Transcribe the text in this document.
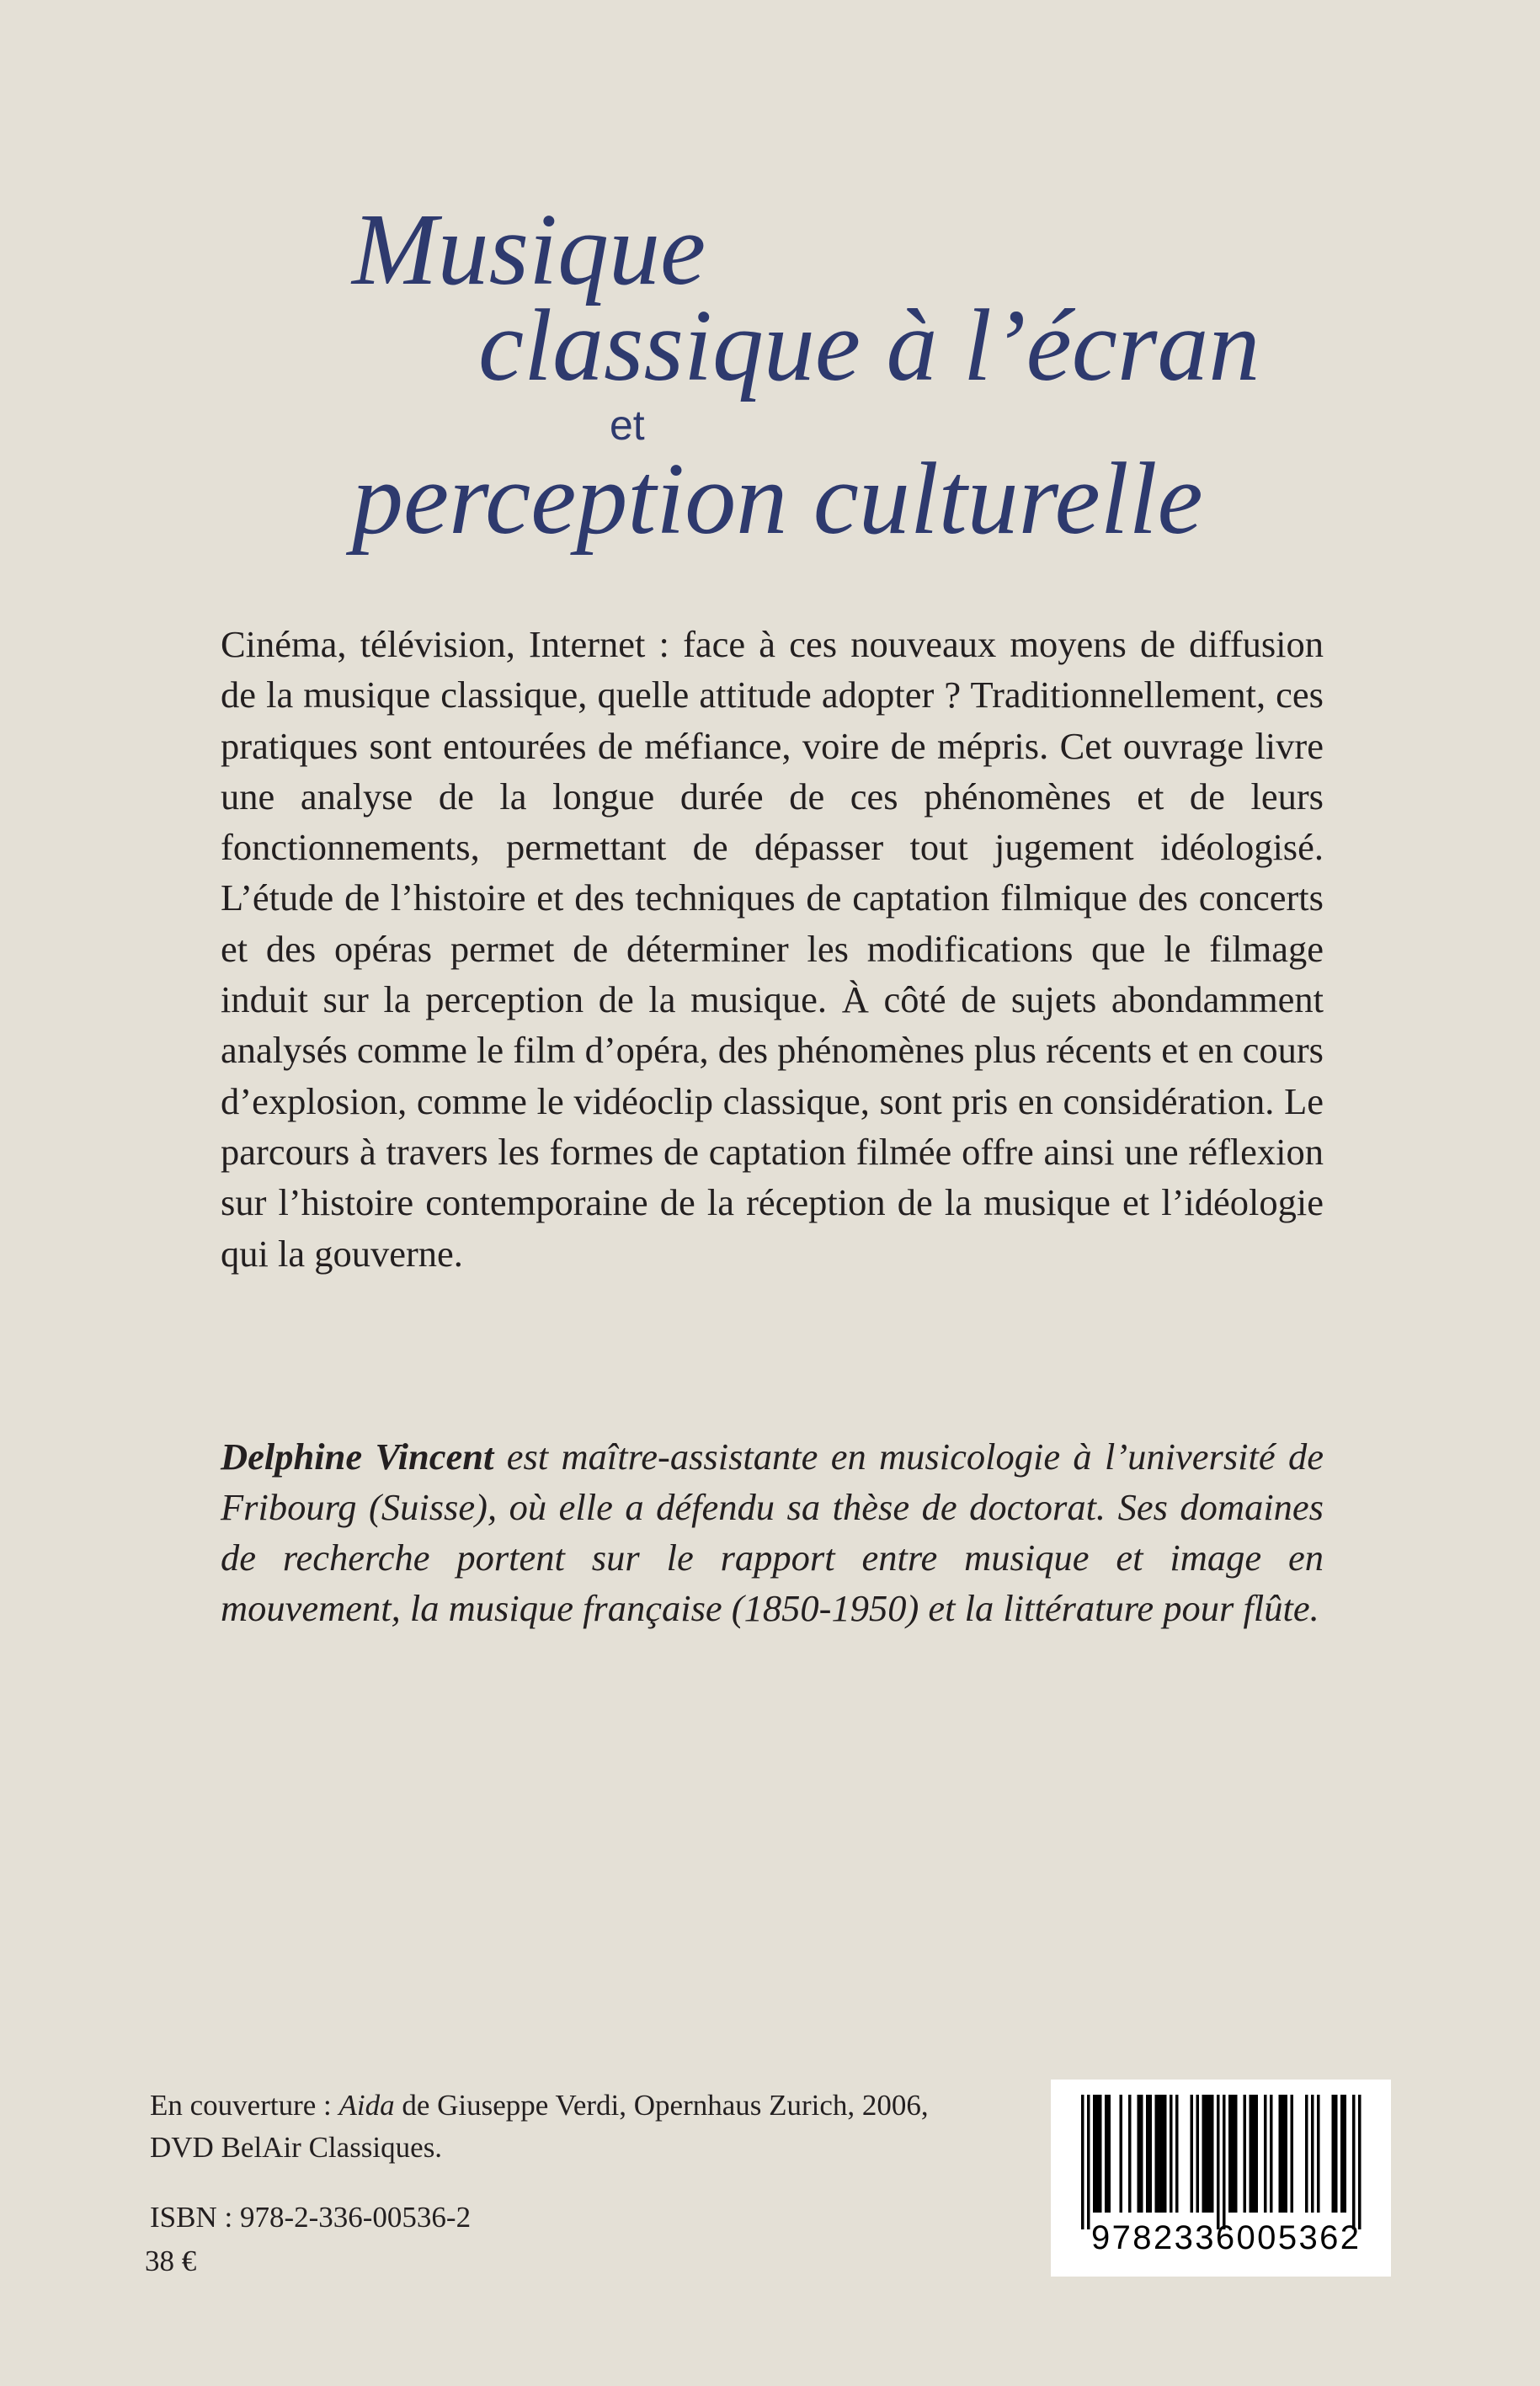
Musique
classique à l’écran
et
perception culturelle
Cinéma, télévision, Internet : face à ces nouveaux moyens de diffusion de la musique classique, quelle attitude adopter ? Traditionnellement, ces pratiques sont entourées de méfiance, voire de mépris. Cet ouvrage livre une analyse de la longue durée de ces phénomènes et de leurs fonctionnements, permettant de dépasser tout jugement idéologisé. L’étude de l’histoire et des techniques de captation filmique des concerts et des opéras permet de déterminer les modifications que le filmage induit sur la perception de la musique. À côté de sujets abondamment analysés comme le film d’opéra, des phénomènes plus récents et en cours d’explosion, comme le vidéoclip classique, sont pris en considération. Le parcours à travers les formes de captation filmée offre ainsi une réflexion sur l’histoire contemporaine de la réception de la musique et l’idéologie qui la gouverne.
Delphine Vincent est maître-assistante en musicologie à l’université de Fribourg (Suisse), où elle a défendu sa thèse de doctorat. Ses domaines de recherche portent sur le rapport entre musique et image en mouvement, la musique française (1850-1950) et la littérature pour flûte.
En couverture : Aida de Giuseppe Verdi, Opernhaus Zurich, 2006,
DVD BelAir Classiques.
ISBN : 978-2-336-00536-2
38 €
9782336005362
